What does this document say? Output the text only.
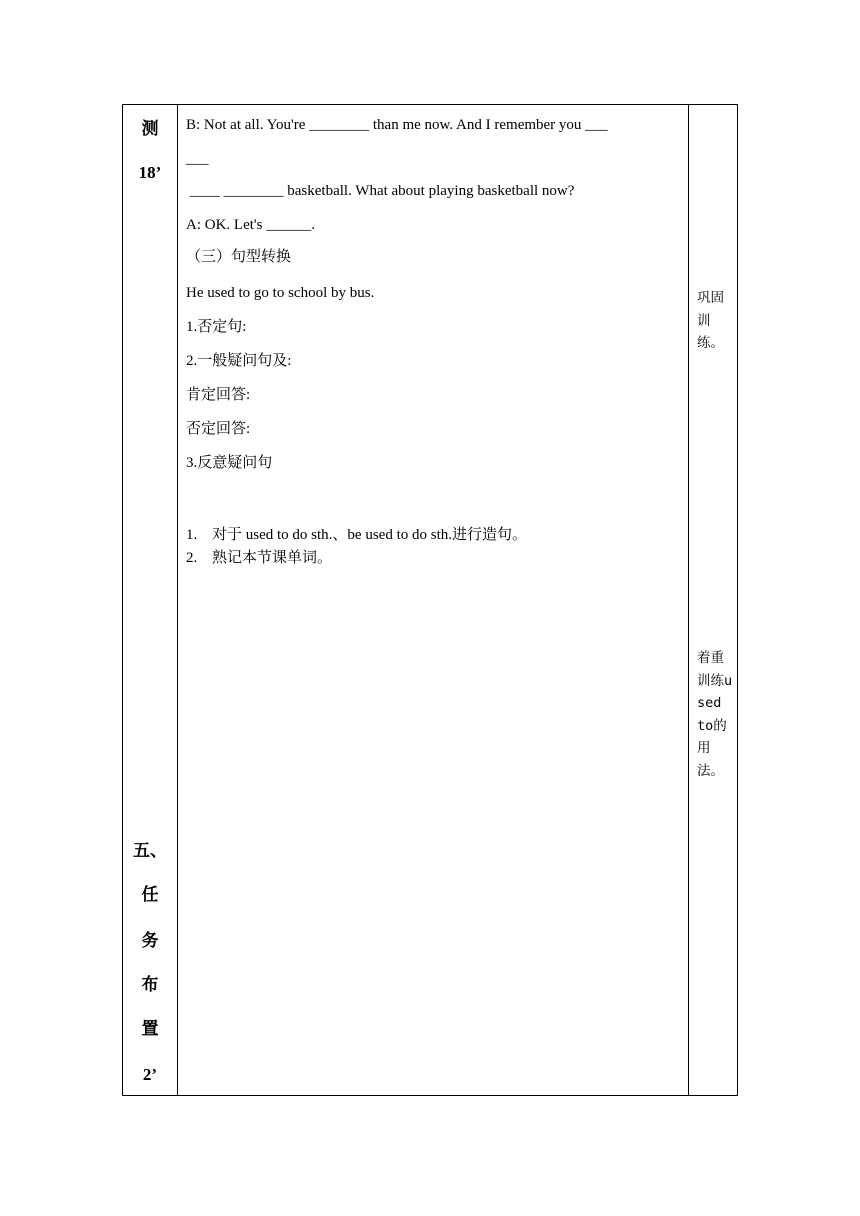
测
18’
五、
任
务
布
置
2’
B: Not at all. You're ________ than me now. And I remember you ___
___
____ ________ basketball. What about playing basketball now?
A: OK. Let's ______.
（三）句型转换
He used to go to school by bus.
1.否定句:
2.一般疑问句及:
肯定回答:
否定回答:
3.反意疑问句
1. 对于 used to do sth.、be used to do sth.进行造句。
2. 熟记本节课单词。
巩固训练。
着重训练used to的用法。
